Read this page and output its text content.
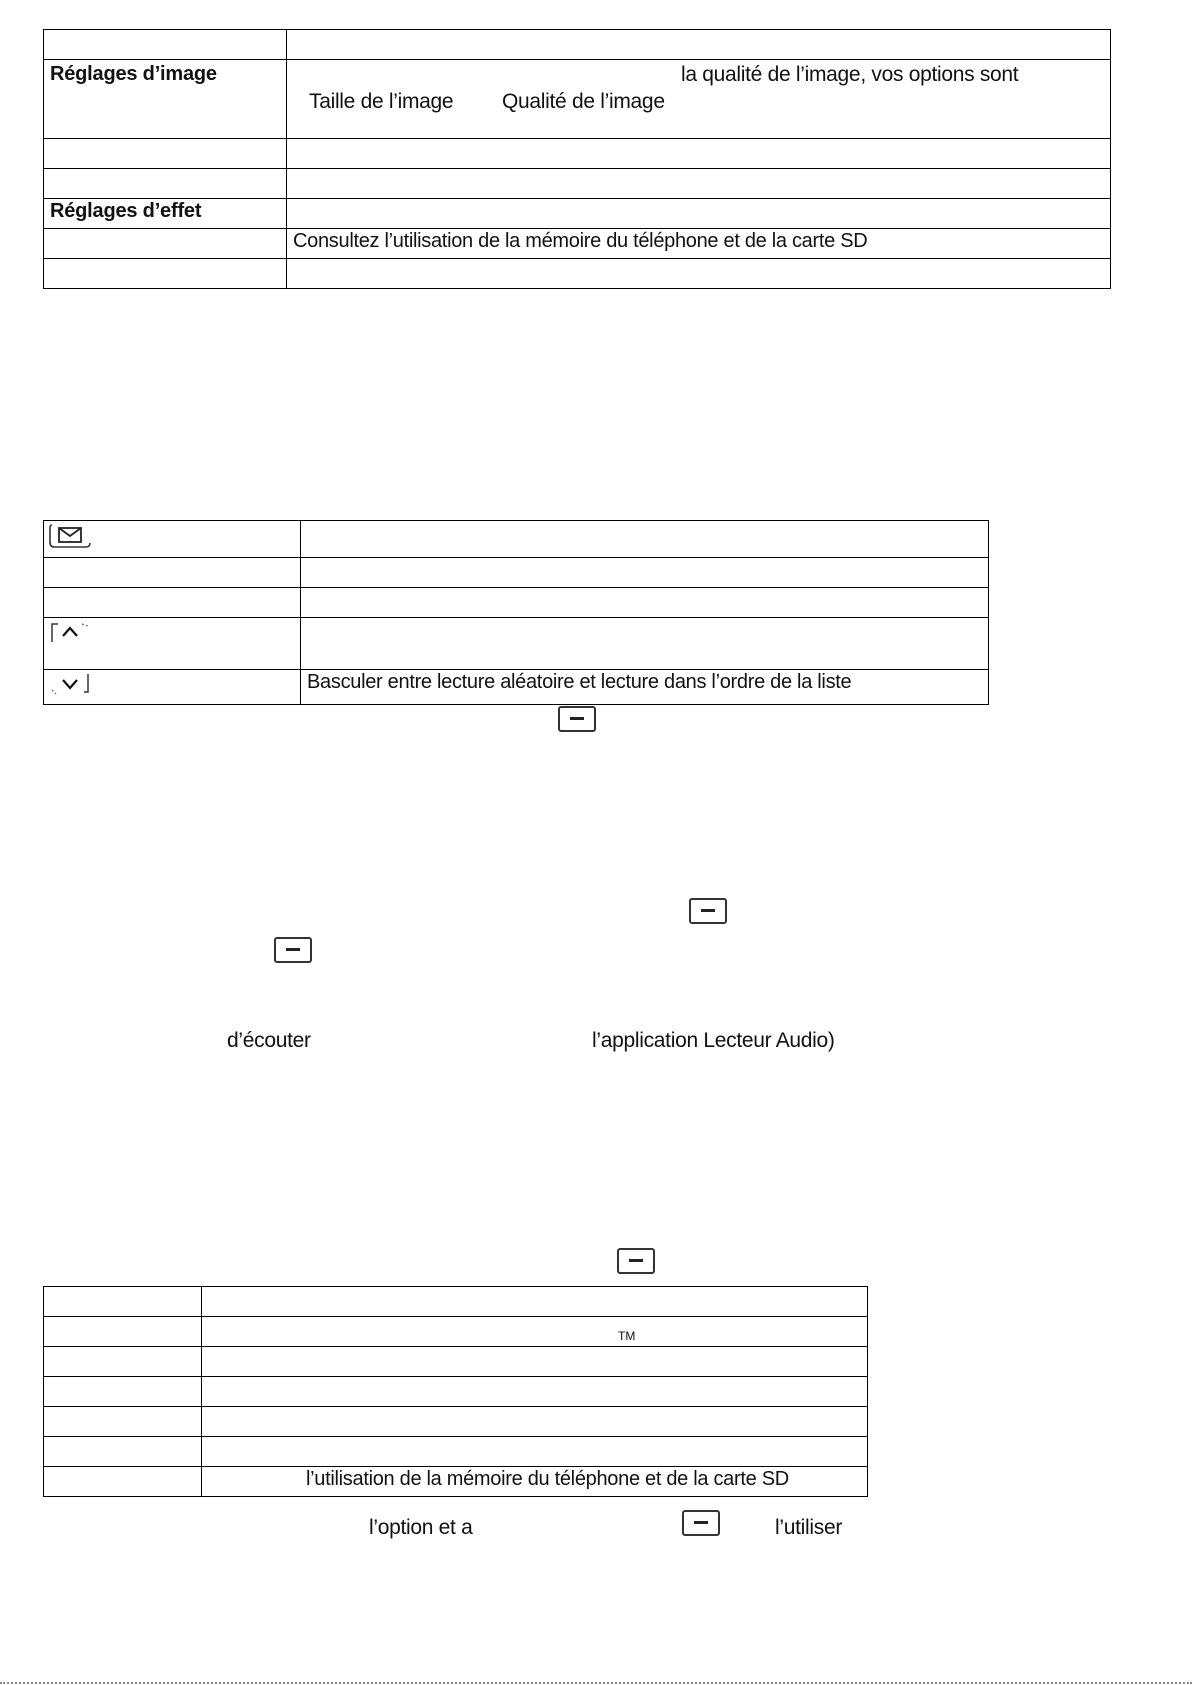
Réglages d’image	la qualité de l’image, vos options sont
Taille de l’image Qualité de l’image

Réglages d’effet	
	Consultez l’utilisation de la mémoire du téléphone et de la carte SD

	Basculer entre lecture aléatoire et lecture dans l’ordre de la liste
d’écouter	l’application Lecteur Audio)

	TM

	l’utilisation de la mémoire du téléphone et de la carte SD
l’option et a	l’utiliser
